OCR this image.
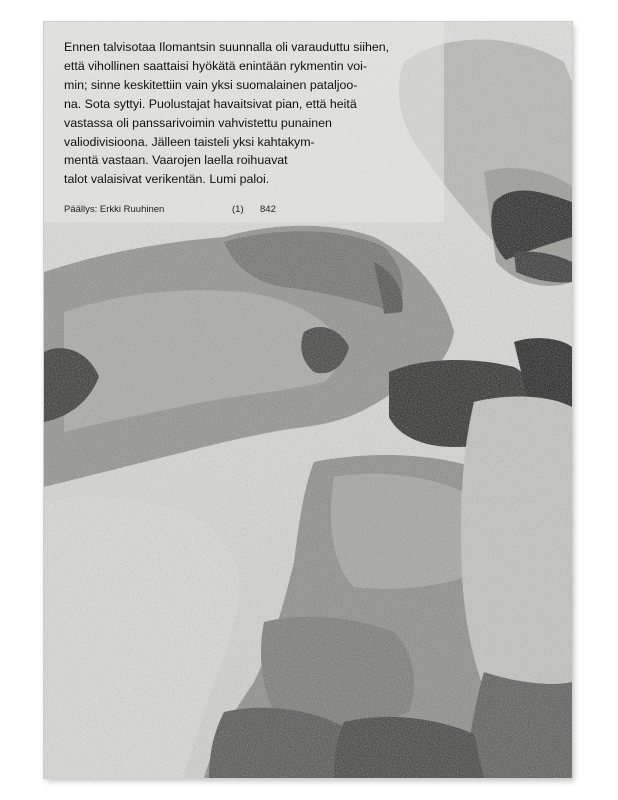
Ennen talvisotaa Ilomantsin suunnalla oli varauduttu siihen,
että vihollinen saattaisi hyökätä enintään rykmentin voi-
min; sinne keskitettiin vain yksi suomalainen pataljoo-
na. Sota syttyi. Puolustajat havaitsivat pian, että heitä
vastassa oli panssarivoimin vahvistettu punainen
valiodivisioona. Jälleen taisteli yksi kahtakym-
mentä vastaan. Vaarojen laella roihuavat
talot valaisivat verikentän. Lumi paloi.
Päällys: Erkki Ruuhinen	(1) 842
